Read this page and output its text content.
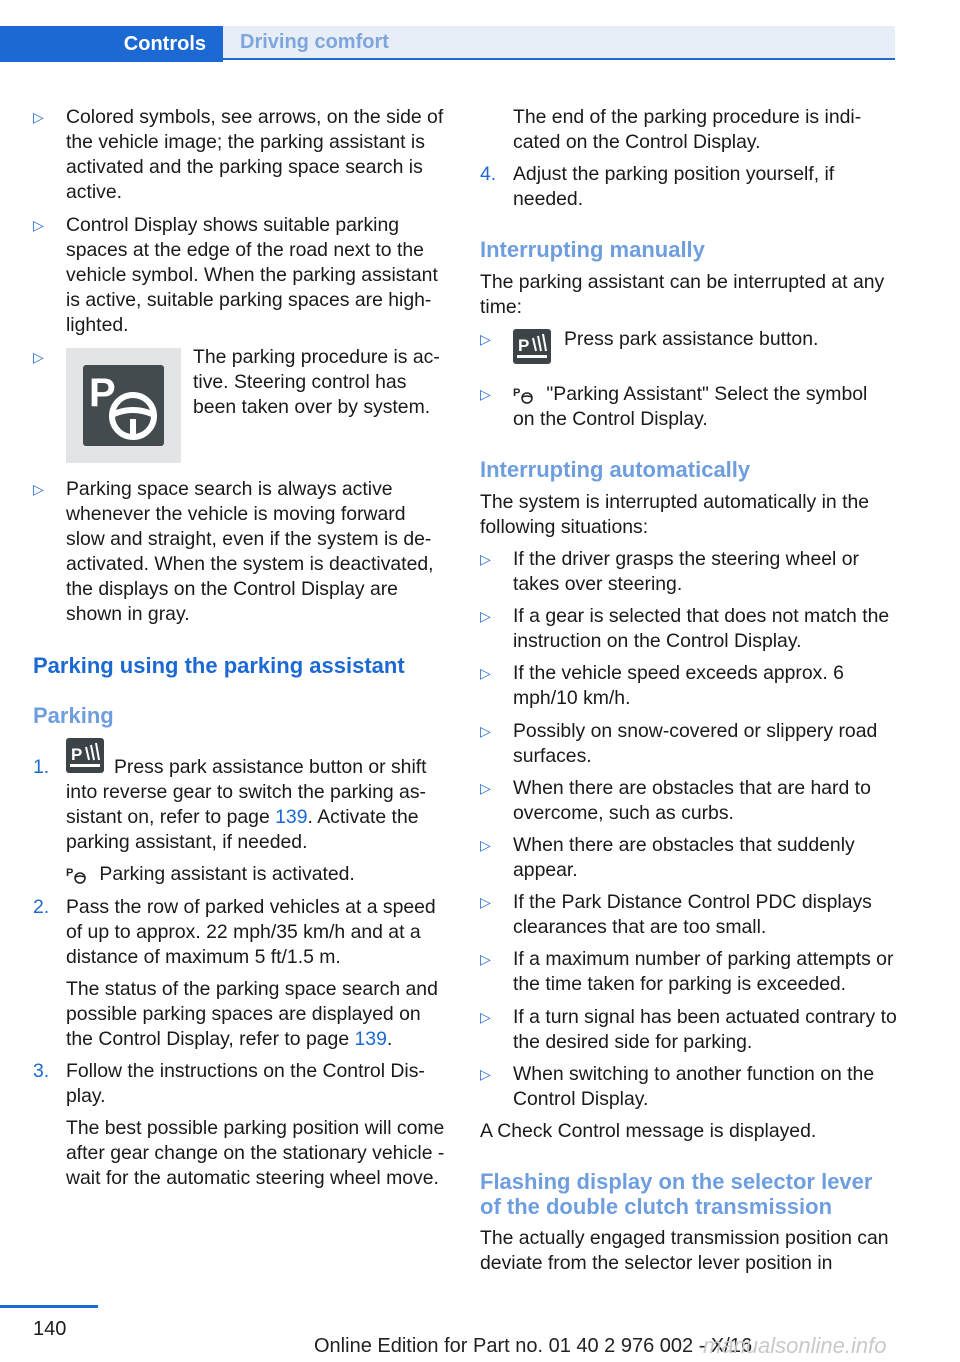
Controls	Driving comfort
▷ Colored symbols, see arrows, on the side of the vehicle image; the parking assistant is activated and the parking space search is active.

▷ Control Display shows suitable parking spaces at the edge of the road next to the vehicle symbol. When the parking assistant is active, suitable parking spaces are high‐lighted.

▷
P

The parking procedure is ac‐tive. Steering control has been taken over by system.

▷ Parking space search is always active whenever the vehicle is moving forward slow and straight, even if the system is de‐activated. When the system is deactivated, the displays on the Control Display are shown in gray.

Parking using the parking assistant
Parking
1.
P

Press park assistance button or shift into reverse gear to switch the parking as‐sistant on, refer to page 139. Activate the parking assistant, if needed.

P Parking assistant is activated.
2. Pass the row of parked vehicles at a speed of up to approx. 22 mph/35 km/h and at a distance of maximum 5 ft/1.5 m.

The status of the parking space search and possible parking spaces are displayed on the Control Display, refer to page 139.

3. Follow the instructions on the Control Dis‐play.

The best possible parking position will come after gear change on the stationary vehicle - wait for the automatic steering wheel move.

The end of the parking procedure is indi‐cated on the Control Display.

4. Adjust the parking position yourself, if needed.

Interrupting manually

The parking assistant can be interrupted at any time:

▷ P Press park assistance button.
▷ P "Parking Assistant" Select the symbol
on the Control Display.
Interrupting automatically

The system is interrupted automatically in the following situations:

▷ If the driver grasps the steering wheel or takes over steering.

▷ If a gear is selected that does not match the instruction on the Control Display.

▷ If the vehicle speed exceeds approx. 6 mph/10 km/h.

▷ Possibly on snow-covered or slippery road surfaces.

▷ When there are obstacles that are hard to overcome, such as curbs.

▷ When there are obstacles that suddenly appear.

▷ If the Park Distance Control PDC displays clearances that are too small.

▷ If a maximum number of parking attempts or the time taken for parking is exceeded.

▷ If a turn signal has been actuated contrary to the desired side for parking.

▷ When switching to another function on the Control Display.

A Check Control message is displayed.

Flashing display on the selector lever of the double clutch transmission

The actually engaged transmission position can deviate from the selector lever position in

140
Online Edition for Part no. 01 40 2 976 002 - X/16
manualsonline.info
